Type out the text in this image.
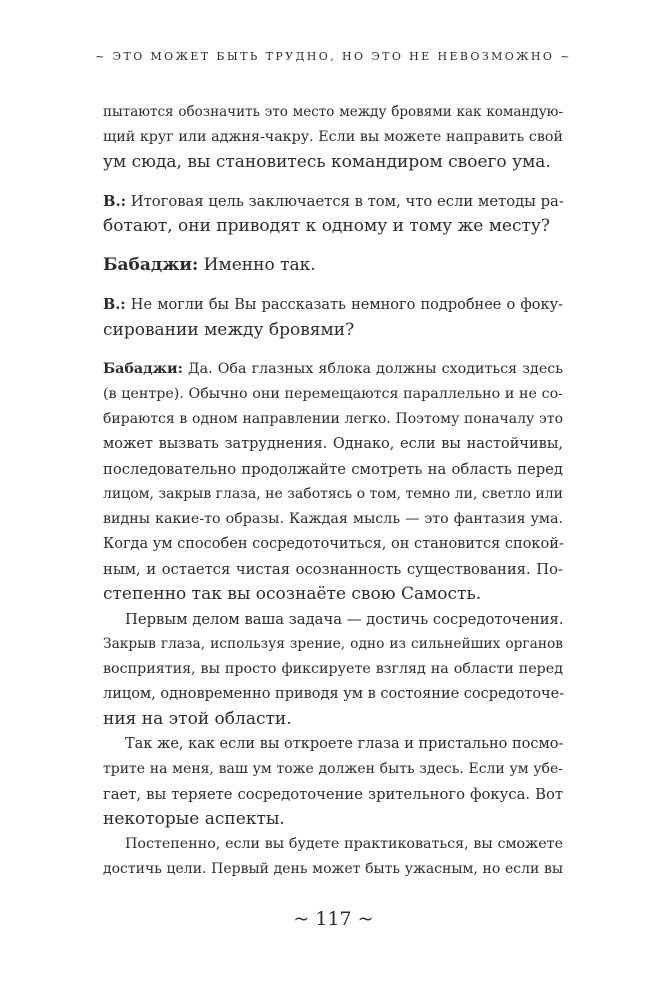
~ ЭТО МОЖЕТ БЫТЬ ТРУДНО, НО ЭТО НЕ НЕВОЗМОЖНО ~
пытаются обозначить это место между бровями как командую-
щий круг или аджня-чакру. Если вы можете направить свой
ум сюда, вы становитесь командиром своего ума.
В.: Итоговая цель заключается в том, что если методы ра-
ботают, они приводят к одному и тому же месту?
Бабаджи: Именно так.
В.: Не могли бы Вы рассказать немного подробнее о фоку-
сировании между бровями?
Бабаджи: Да. Оба глазных яблока должны сходиться здесь
(в центре). Обычно они перемещаются параллельно и не со-
бираются в одном направлении легко. Поэтому поначалу это
может вызвать затруднения. Однако, если вы настойчивы,
последовательно продолжайте смотреть на область перед
лицом, закрыв глаза, не заботясь о том, темно ли, светло или
видны какие-то образы. Каждая мысль — это фантазия ума.
Когда ум способен сосредоточиться, он становится спокой-
ным, и остается чистая осознанность существования. По-
степенно так вы осознаёте свою Самость.
Первым делом ваша задача — достичь сосредоточения.
Закрыв глаза, используя зрение, одно из сильнейших органов
восприятия, вы просто фиксируете взгляд на области перед
лицом, одновременно приводя ум в состояние сосредоточе-
ния на этой области.
Так же, как если вы откроете глаза и пристально посмо-
трите на меня, ваш ум тоже должен быть здесь. Если ум убе-
гает, вы теряете сосредоточение зрительного фокуса. Вот
некоторые аспекты.
Постепенно, если вы будете практиковаться, вы сможете
достичь цели. Первый день может быть ужасным, но если вы
~ 117 ~
